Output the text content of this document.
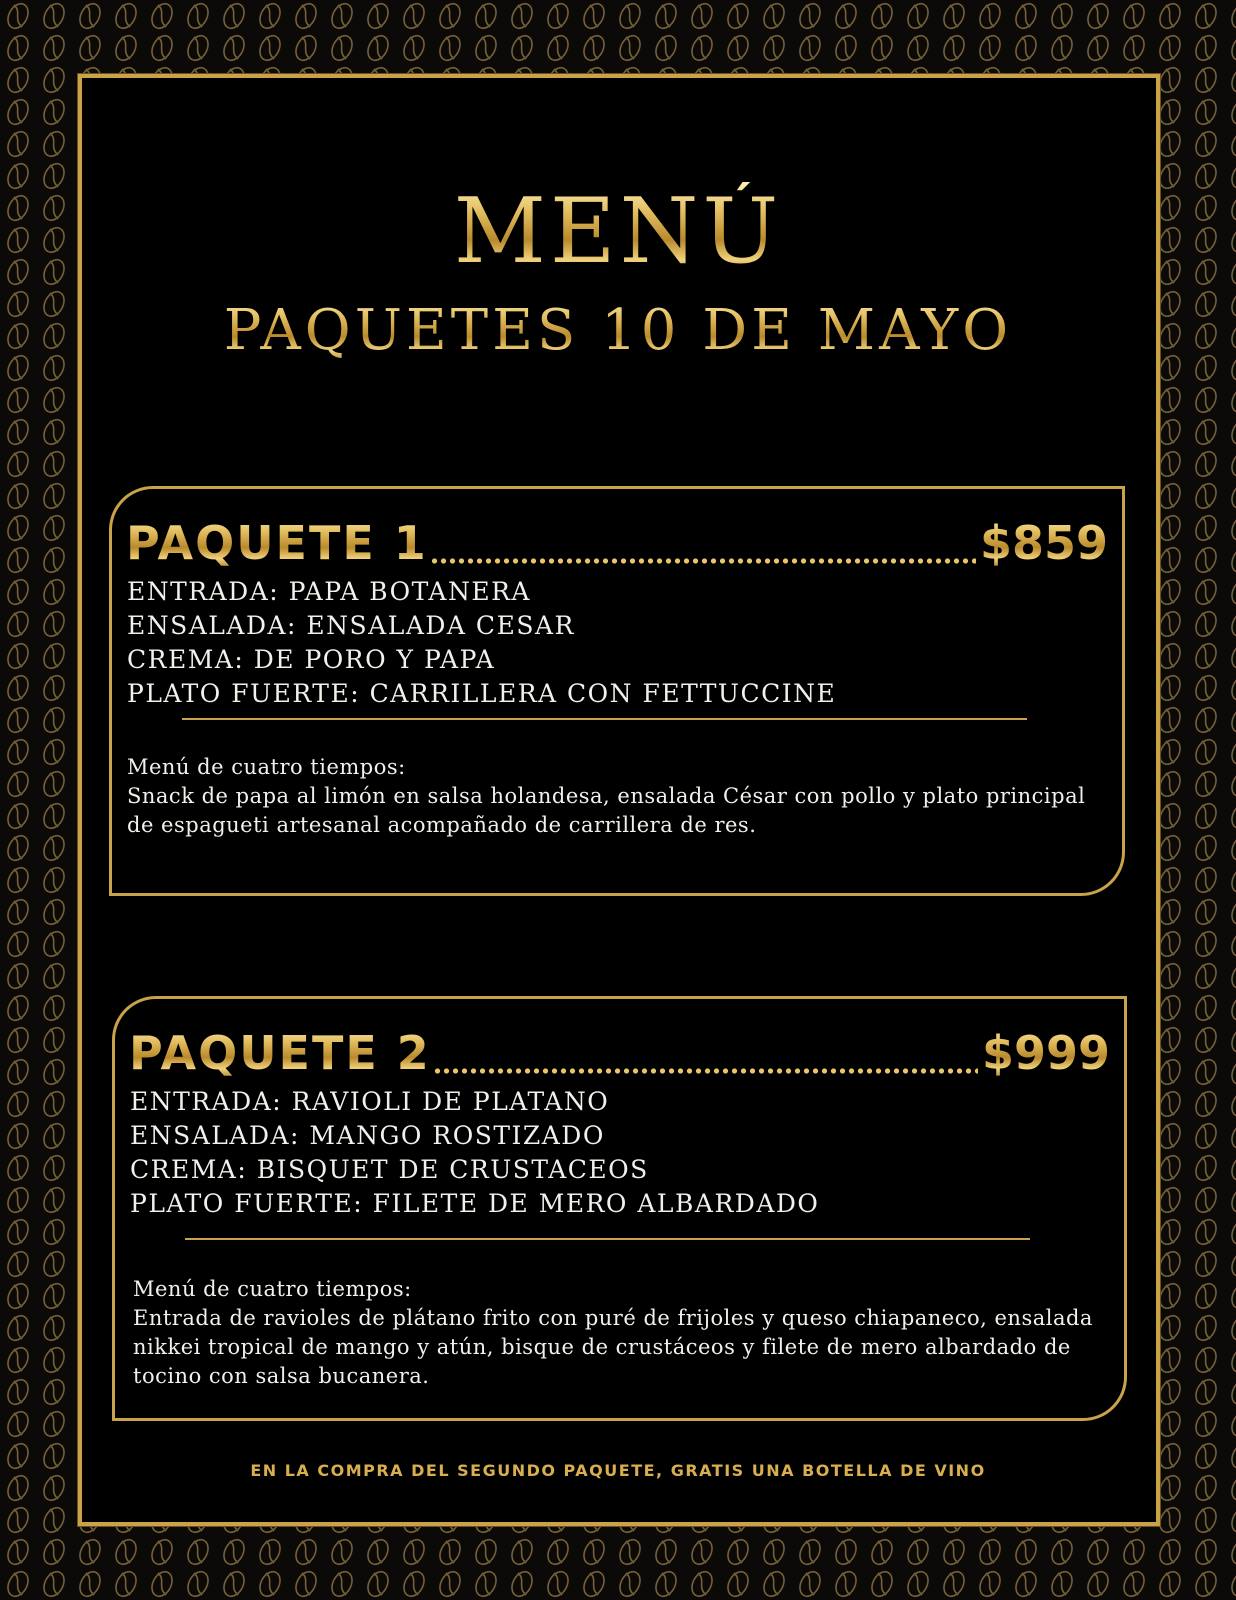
MENÚ
PAQUETES 10 DE MAYO
PAQUETE 1	$859
ENTRADA: PAPA BOTANERA
ENSALADA: ENSALADA CESAR
CREMA: DE PORO Y PAPA
PLATO FUERTE: CARRILLERA CON FETTUCCINE

Menú de cuatro tiempos:
Snack de papa al limón en salsa holandesa, ensalada César con pollo y plato principal de espagueti artesanal acompañado de carrillera de res.

PAQUETE 2	$999
ENTRADA: RAVIOLI DE PLATANO
ENSALADA: MANGO ROSTIZADO
CREMA: BISQUET DE CRUSTACEOS
PLATO FUERTE: FILETE DE MERO ALBARDADO

Menú de cuatro tiempos:
Entrada de ravioles de plátano frito con puré de frijoles y queso chiapaneco, ensalada nikkei tropical de mango y atún, bisque de crustáceos y filete de mero albardado de tocino con salsa bucanera.

EN LA COMPRA DEL SEGUNDO PAQUETE, GRATIS UNA BOTELLA DE VINO
